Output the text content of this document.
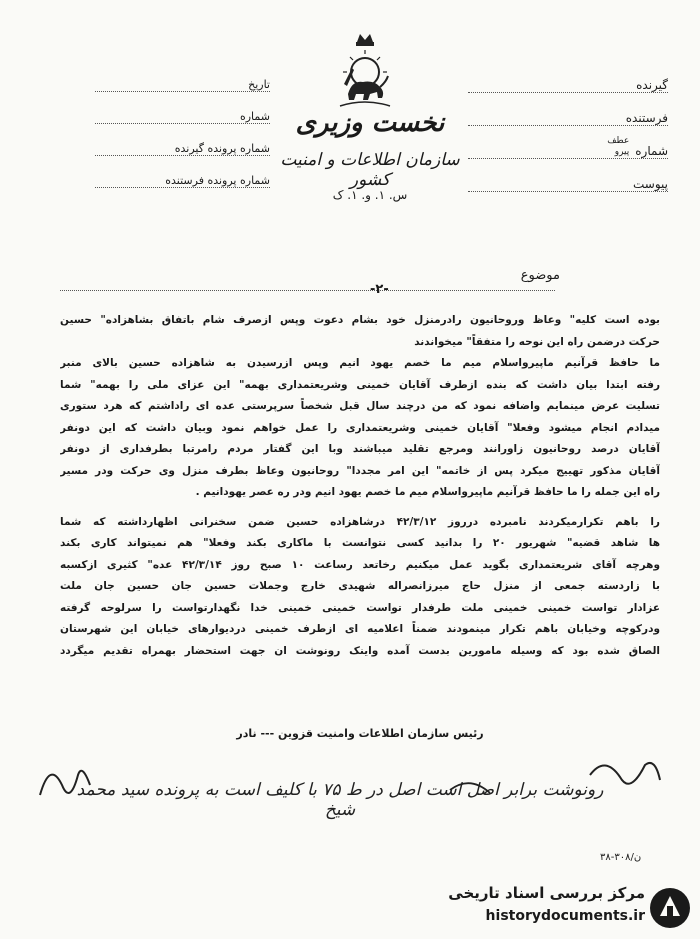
تاریخ
شماره
شماره پرونده گیرنده
شماره پرونده فرستنده
گیرنده
فرستنده
شماره
عطف
پیرو
پیوست
نخست وزیری
سازمان اطلاعات و امنیت کشور
س. ۱. و. ۱. ک
موضوع
-۲-
بوده است کلیه" وعاظ وروحانیون رادرمنزل خود بشام دعوت وپس ازصرف شام باتفاق بشاهزاده" حسین
حرکت درضمن راه این نوحه را متفقاً" میخواندند
ما حافظ قرآنیم ماپیرواسلام میم ما خصم یهود انیم وپس ازرسیدن به شاهزاده حسین بالای منبر
رفته ابتدا بیان داشت که بنده ازطرف آقایان خمینی وشریعتمداری بهمه" این عزای ملی را بهمه" شما
تسلیت عرض مینمایم واضافه نمود که من درچند سال قبل شخصاً سرپرستی عده ای راداشتم که هرد ستوری
میدادم انجام میشود وفعلا" آقایان خمینی وشریعتمداری را عمل خواهم نمود وبیان داشت که این دونفر
آقایان درصد روحانیون زاورانند ومرجع تقلید میباشند وبا این گفتار مردم رامرتبا بطرفداری از دونفر
آقایان مذکور تهییج میکرد پس از خاتمه" این امر مجددا" روحانیون وعاظ بطرف منزل وی حرکت ودر مسیر
راه این جمله را ما حافظ قرآنیم ماپیرواسلام میم ما خصم یهود انیم ودر ره عصر یهودانیم .
را باهم تکرارمیکردند نامبرده درروز ۴۲/۳/۱۲ درشاهزاده حسین ضمن سخنرانی اظهارداشته که شما
ها شاهد قضیه" شهریور ۲۰ را بدانید کسی نتوانست با ماکاری بکند وفعلا" هم نمیتواند کاری بکند
وهرچه آقای شریعتمداری بگوید عمل میکنیم رخاتعد رساعت ۱۰ صبح روز ۴۲/۳/۱۴ عده" کثیری ازکسبه
با زاردسته جمعی از منزل حاج میرزانصراله شهیدی خارج وجملات حسین جان حسین جان ملت
عزادار تواست خمینی خمینی ملت طرفدار تواست خمینی خمینی خدا نگهدارتواست را سرلوحه گرفته
ودرکوچه وخیابان باهم تکرار مینمودند ضمناً اعلامیه ای ازطرف خمینی دردیوارهای خیابان این شهرستان
الصاق شده بود که وسیله مامورین بدست آمده واینک رونوشت ان جهت استحضار بهمراه تقدیم میگردد
رئیس سازمان اطلاعات وامنیت قزوین --- نادر
رونوشت برابر اصل است اصل در ط ۷۵ با کلیف است به پرونده سید محمد شیخ
۳۸-۳۰۸/ن
مرکز بررسی اسناد تاریخی
historydocuments.ir
